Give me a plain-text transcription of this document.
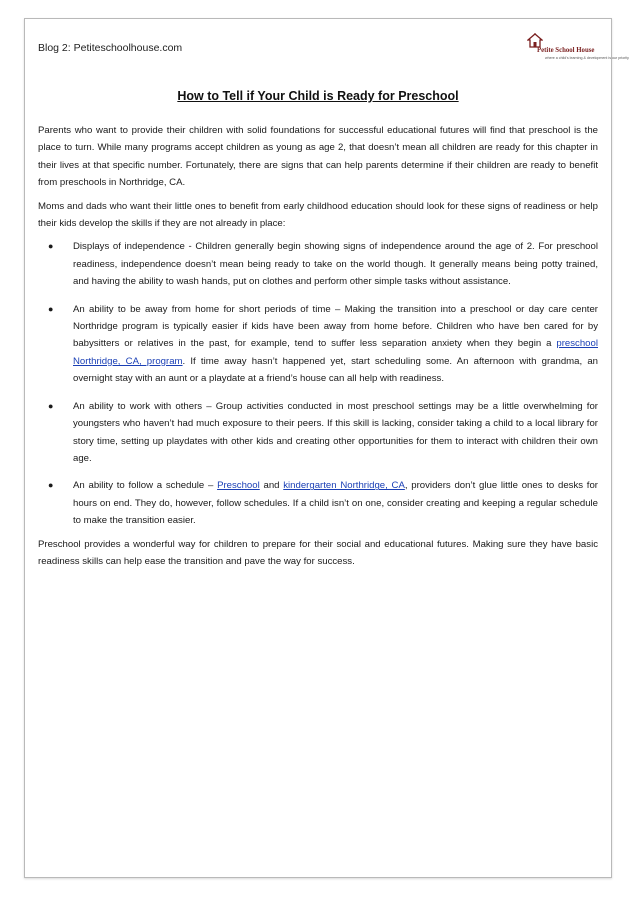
Blog 2: Petiteschoolhouse.com	Petite School House
where a child's learning & development is our priority
How to Tell if Your Child is Ready for Preschool

Parents who want to provide their children with solid foundations for successful educational futures will find that preschool is the place to turn. While many programs accept children as young as age 2, that doesn’t mean all children are ready for this chapter in their lives at that specific number. Fortunately, there are signs that can help parents determine if their children are ready to benefit from preschools in Northridge, CA.

Moms and dads who want their little ones to benefit from early childhood education should look for these signs of readiness or help their kids develop the skills if they are not already in place:

● Displays of independence - Children generally begin showing signs of independence around the age of 2. For preschool readiness, independence doesn’t mean being ready to take on the world though. It generally means being potty trained, and having the ability to wash hands, put on clothes and perform other simple tasks without assistance.
● An ability to be away from home for short periods of time – Making the transition into a preschool or day care center Northridge program is typically easier if kids have been away from home before. Children who have ben cared for by babysitters or relatives in the past, for example, tend to suffer less separation anxiety when they begin a preschool Northridge, CA, program. If time away hasn’t happened yet, start scheduling some. An afternoon with grandma, an overnight stay with an aunt or a playdate at a friend’s house can all help with readiness.
● An ability to work with others – Group activities conducted in most preschool settings may be a little overwhelming for youngsters who haven’t had much exposure to their peers. If this skill is lacking, consider taking a child to a local library for story time, setting up playdates with other kids and creating other opportunities for them to interact with children their own age.
● An ability to follow a schedule – Preschool and kindergarten Northridge, CA, providers don’t glue little ones to desks for hours on end. They do, however, follow schedules. If a child isn’t on one, consider creating and keeping a regular schedule to make the transition easier.

Preschool provides a wonderful way for children to prepare for their social and educational futures. Making sure they have basic readiness skills can help ease the transition and pave the way for success.
